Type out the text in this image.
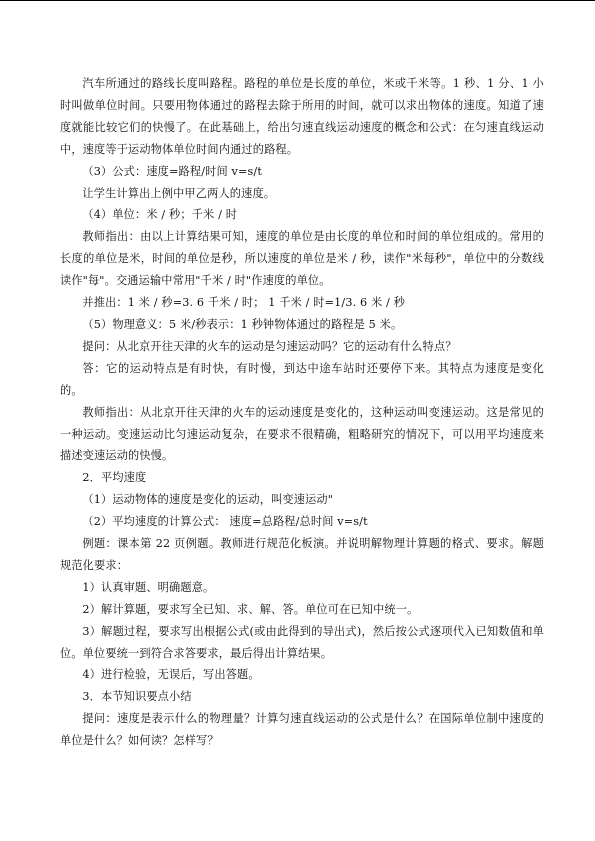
汽车所通过的路线长度叫路程。路程的单位是长度的单位，米或千米等。1 秒、1 分、1 小时叫做单位时间。只要用物体通过的路程去除于所用的时间，就可以求出物体的速度。知道了速度就能比较它们的快慢了。在此基础上，给出匀速直线运动速度的概念和公式：在匀速直线运动中，速度等于运动物体单位时间内通过的路程。

（3）公式：速度=路程/时间 v=s/t

让学生计算出上例中甲乙两人的速度。

（4）单位：米 / 秒；千米 / 时

教师指出：由以上计算结果可知，速度的单位是由长度的单位和时间的单位组成的。常用的长度的单位是米，时间的单位是秒，所以速度的单位是米 / 秒，读作"米每秒"，单位中的分数线读作"每"。交通运输中常用"千米 / 时"作速度的单位。

并推出：1 米 / 秒=3. 6 千米 / 时； 1 千米 / 时=1/3. 6 米 / 秒

（5）物理意义：5 米/秒表示：1 秒钟物体通过的路程是 5 米。

提问：从北京开往天津的火车的运动是匀速运动吗？它的运动有什么特点？

答：它的运动特点是有时快，有时慢，到达中途车站时还要停下来。其特点为速度是变化的。

教师指出：从北京开往天津的火车的运动速度是变化的，这种运动叫变速运动。这是常见的一种运动。变速运动比匀速运动复杂，在要求不很精确，粗略研究的情况下，可以用平均速度来描述变速运动的快慢。

2．平均速度

（1）运动物体的速度是变化的运动，叫变速运动"

（2）平均速度的计算公式： 速度=总路程/总时间 v=s/t

例题：课本第 22 页例题。教师进行规范化板演。并说明解物理计算题的格式、要求。解题规范化要求：

1）认真审题、明确题意。

2）解计算题，要求写全已知、求、解、答。单位可在已知中统一。

3）解题过程，要求写出根据公式(或由此得到的导出式)，然后按公式逐项代入已知数值和单位。单位要统一到符合求答要求，最后得出计算结果。

4）进行检验，无误后，写出答题。

3．本节知识要点小结

提问：速度是表示什么的物理量？计算匀速直线运动的公式是什么？在国际单位制中速度的单位是什么？如何读？怎样写？
